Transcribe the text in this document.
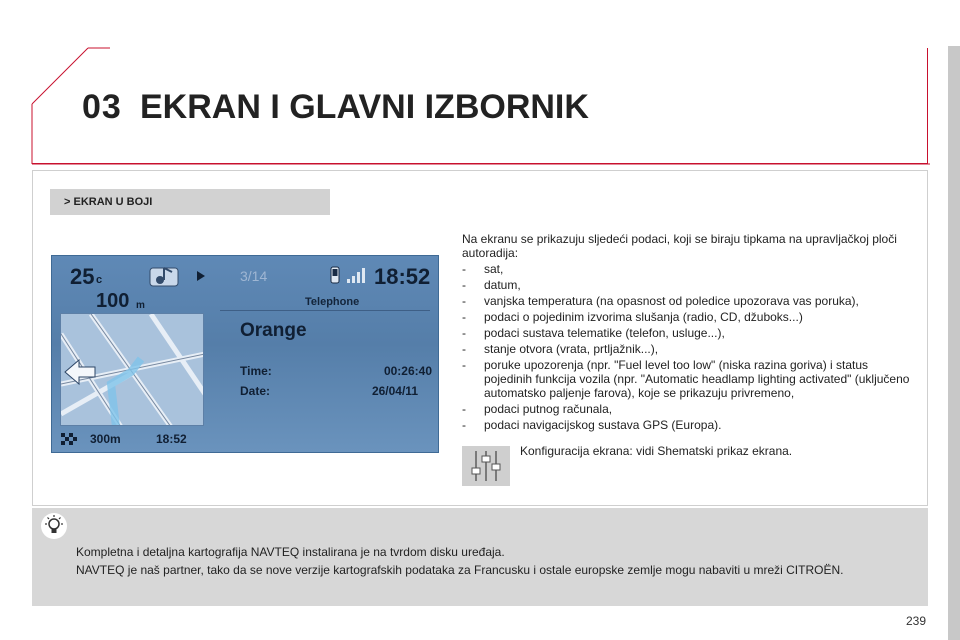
03 EKRAN I GLAVNI IZBORNIK
> EKRAN U BOJI
25 c	3/14	18:52
100 m	Telephone
Orange
Time:	00:26:40
Date:	26/04/11
300m	18:52

Na ekranu se prikazuju sljedeći podaci, koji se biraju tipkama na upravljačkoj ploči autoradija:

- sat,
- datum,
- vanjska temperatura (na opasnost od poledice upozorava vas poruka),
- podaci o pojedinim izvorima slušanja (radio, CD, džuboks...)
- podaci sustava telematike (telefon, usluge...),
- stanje otvora (vrata, prtljažnik...),
- poruke upozorenja (npr. "Fuel level too low" (niska razina goriva) i status pojedinih funkcija vozila (npr. "Automatic headlamp lighting activated" (uključeno automatsko paljenje farova), koje se prikazuju privremeno,
- podaci putnog računala,
- podaci navigacijskog sustava GPS (Europa).
Konfiguracija ekrana: vidi Shematski prikaz ekrana.
Kompletna i detaljna kartografija NAVTEQ instalirana je na tvrdom disku uređaja.
NAVTEQ je naš partner, tako da se nove verzije kartografskih podataka za Francusku i ostale europske zemlje mogu nabaviti u mreži CITROËN.
239
